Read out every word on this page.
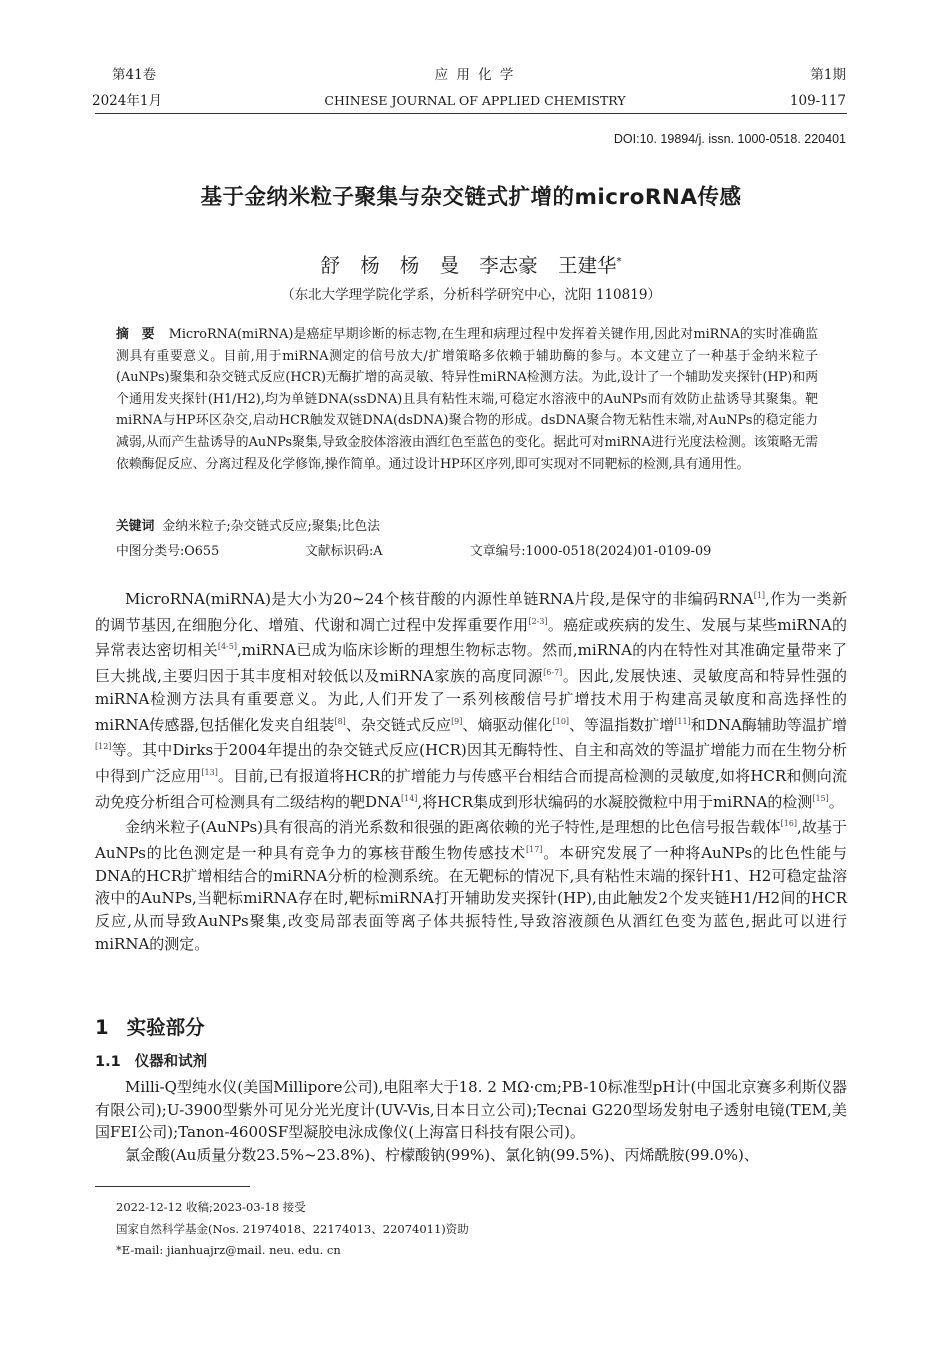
第41卷
2024年1月
应 用 化 学
CHINESE JOURNAL OF APPLIED CHEMISTRY
第1期
109-117
DOI:10. 19894/j. issn. 1000-0518. 220401
基于金纳米粒子聚集与杂交链式扩增的microRNA传感
舒 杨 杨 曼 李志豪 王建华*
（东北大学理学院化学系，分析科学研究中心，沈阳 110819）
摘 要 MicroRNA(miRNA)是癌症早期诊断的标志物,在生理和病理过程中发挥着关键作用,因此对miRNA的实时准确监测具有重要意义。目前,用于miRNA测定的信号放大/扩增策略多依赖于辅助酶的参与。本文建立了一种基于金纳米粒子(AuNPs)聚集和杂交链式反应(HCR)无酶扩增的高灵敏、特异性miRNA检测方法。为此,设计了一个辅助发夹探针(HP)和两个通用发夹探针(H1/H2),均为单链DNA(ssDNA)且具有粘性末端,可稳定水溶液中的AuNPs而有效防止盐诱导其聚集。靶miRNA与HP环区杂交,启动HCR触发双链DNA(dsDNA)聚合物的形成。dsDNA聚合物无粘性末端,对AuNPs的稳定能力减弱,从而产生盐诱导的AuNPs聚集,导致金胶体溶液由酒红色至蓝色的变化。据此可对miRNA进行光度法检测。该策略无需依赖酶促反应、分离过程及化学修饰,操作简单。通过设计HP环区序列,即可实现对不同靶标的检测,具有通用性。
关键词 金纳米粒子;杂交链式反应;聚集;比色法
中图分类号:O655	文献标识码:A	文章编号:1000-0518(2024)01-0109-09

MicroRNA(miRNA)是大小为20~24个核苷酸的内源性单链RNA片段,是保守的非编码RNA[1],作为一类新的调节基因,在细胞分化、增殖、代谢和凋亡过程中发挥重要作用[2-3]。癌症或疾病的发生、发展与某些miRNA的异常表达密切相关[4-5],miRNA已成为临床诊断的理想生物标志物。然而,miRNA的内在特性对其准确定量带来了巨大挑战,主要归因于其丰度相对较低以及miRNA家族的高度同源[6-7]。因此,发展快速、灵敏度高和特异性强的miRNA检测方法具有重要意义。为此,人们开发了一系列核酸信号扩增技术用于构建高灵敏度和高选择性的miRNA传感器,包括催化发夹自组装[8]、杂交链式反应[9]、熵驱动催化[10]、等温指数扩增[11]和DNA酶辅助等温扩增[12]等。其中Dirks于2004年提出的杂交链式反应(HCR)因其无酶特性、自主和高效的等温扩增能力而在生物分析中得到广泛应用[13]。目前,已有报道将HCR的扩增能力与传感平台相结合而提高检测的灵敏度,如将HCR和侧向流动免疫分析组合可检测具有二级结构的靶DNA[14],将HCR集成到形状编码的水凝胶微粒中用于miRNA的检测[15]。

金纳米粒子(AuNPs)具有很高的消光系数和很强的距离依赖的光子特性,是理想的比色信号报告载体[16],故基于AuNPs的比色测定是一种具有竞争力的寡核苷酸生物传感技术[17]。本研究发展了一种将AuNPs的比色性能与DNA的HCR扩增相结合的miRNA分析的检测系统。在无靶标的情况下,具有粘性末端的探针H1、H2可稳定盐溶液中的AuNPs,当靶标miRNA存在时,靶标miRNA打开辅助发夹探针(HP),由此触发2个发夹链H1/H2间的HCR反应,从而导致AuNPs聚集,改变局部表面等离子体共振特性,导致溶液颜色从酒红色变为蓝色,据此可以进行miRNA的测定。

1 实验部分
1.1 仪器和试剂

Milli-Q型纯水仪(美国Millipore公司),电阻率大于18. 2 MΩ·cm;PB-10标准型pH计(中国北京赛多利斯仪器有限公司);U-3900型紫外可见分光光度计(UV-Vis,日本日立公司);Tecnai G220型场发射电子透射电镜(TEM,美国FEI公司);Tanon-4600SF型凝胶电泳成像仪(上海富日科技有限公司)。

氯金酸(Au质量分数23.5%~23.8%)、柠檬酸钠(99%)、氯化钠(99.5%)、丙烯酰胺(99.0%)、

2022-12-12 收稿;2023-03-18 接受
国家自然科学基金(Nos. 21974018、22174013、22074011)资助
*E-mail: jianhuajrz@mail. neu. edu. cn
